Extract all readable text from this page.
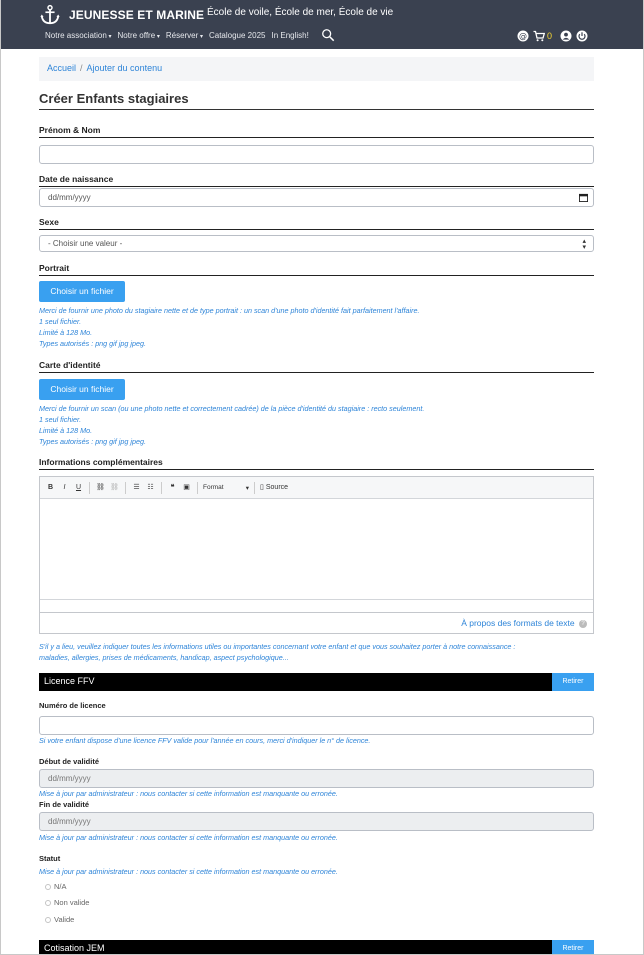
JEUNESSE ET MARINE École de voile, École de mer, École de vie
Notre association ▾	Notre offre ▾	Réserver ▾	Catalogue 2025 In English!	@ 0
Accueil / Ajouter du contenu
Créer Enfants stagiaires
Prénom & Nom
Date de naissance
dd/mm/yyyy
Sexe
- Choisir une valeur -	▴
▾
Portrait
Choisir un fichier
Merci de fournir une photo du stagiaire nette et de type portrait : un scan d'une photo d'identité fait parfaitement l'affaire.
1 seul fichier.
Limité à 128 Mo.
Types autorisés : png gif jpg jpeg.
Carte d'identité
Choisir un fichier
Merci de fournir un scan (ou une photo nette et correctement cadrée) de la pièce d'identité du stagiaire : recto seulement.
1 seul fichier.
Limité à 128 Mo.
Types autorisés : png gif jpg jpeg.
Informations complémentaires
B	I	U	⛓ ⛓	☰	☷	❝	▣	Format	▾ ▯ Source
À propos des formats de texte ?
S'il y a lieu, veuillez indiquer toutes les informations utiles ou importantes concernant votre enfant et que vous souhaitez porter à notre connaissance :
maladies, allergies, prises de médicaments, handicap, aspect psychologique...
Licence FFV	Retirer
Numéro de licence
Si votre enfant dispose d'une licence FFV valide pour l'année en cours, merci d'indiquer le n° de licence.
Début de validité
dd/mm/yyyy
Mise à jour par administrateur : nous contacter si cette information est manquante ou erronée.
Fin de validité
dd/mm/yyyy
Mise à jour par administrateur : nous contacter si cette information est manquante ou erronée.
Statut
Mise à jour par administrateur : nous contacter si cette information est manquante ou erronée.
N/A
Non valide
Valide
Cotisation JEM	Retirer
